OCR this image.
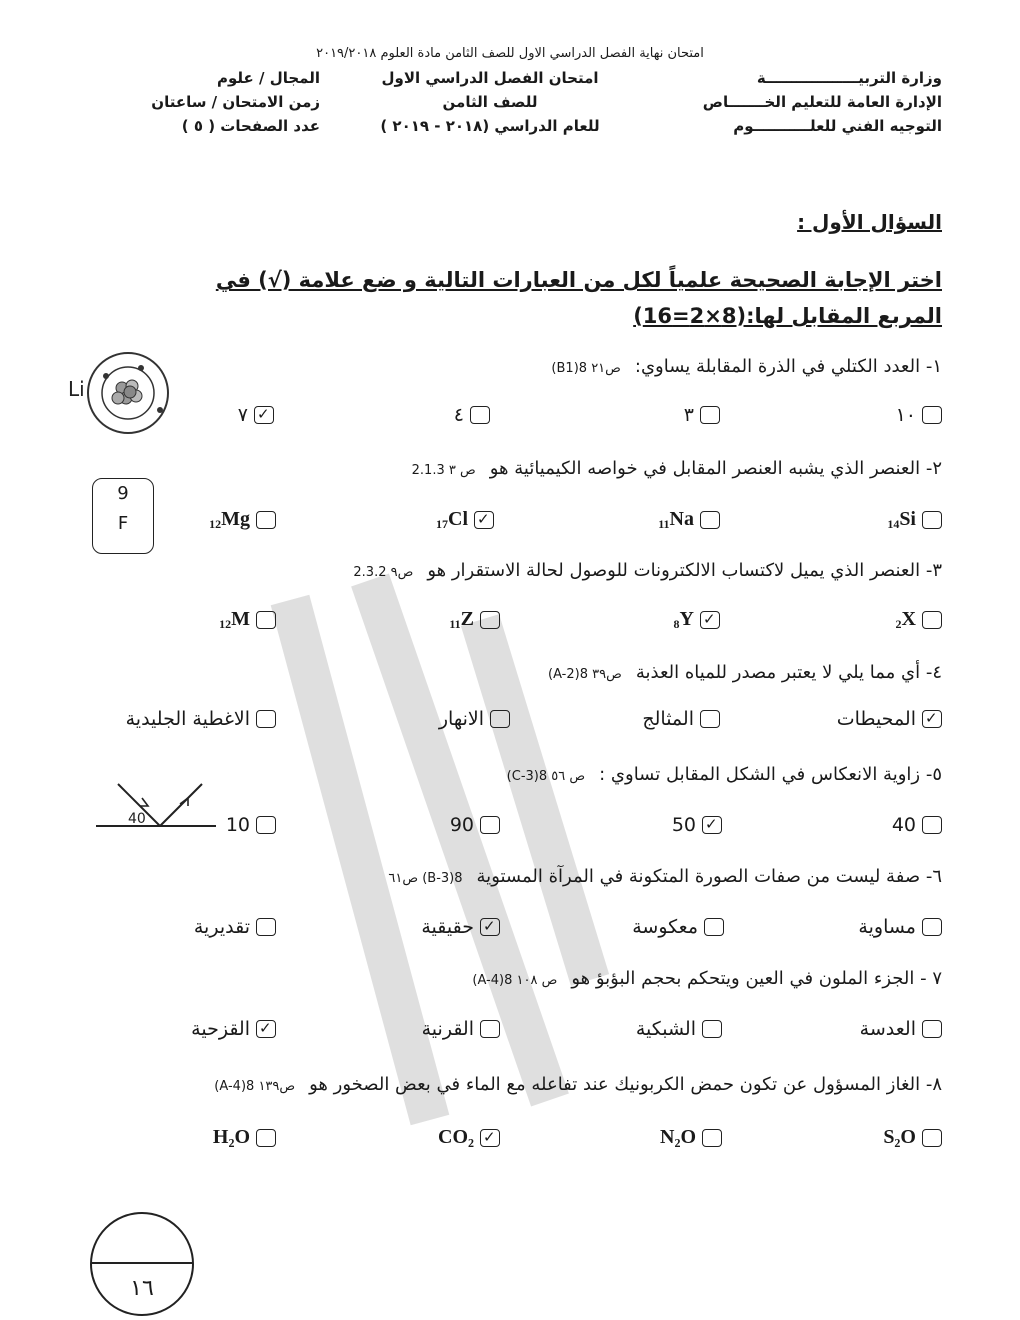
امتحان نهاية الفصل الدراسي الاول للصف الثامن مادة العلوم ٢٠١٩/٢٠١٨
وزارة التربيــــــــــــــــــة
الإدارة العامة للتعليم الخـــــــاص
التوجيه الفني للعلـــــــــــوم
امتحان الفصل الدراسي الاول
للصف الثامن
للعام الدراسي (٢٠١٨ - ٢٠١٩ )
المجال / علوم
زمن الامتحان / ساعتان
عدد الصفحات ( ٥ )
السؤال الأول :
اختر الإجابة الصحيحة علمياً لكل من العبارات التالية و ضع علامة (√) في المربع المقابل لها:(8×2=16)
Li
9
F
40
١- العدد الكتلي في الذرة المقابلة يساوي:ص٢١ 8(B1)
١٠
٣
٤
✓
٧
٢- العنصر الذي يشبه العنصر المقابل في خواصه الكيميائية هوص ٣ 2.1.3
$_{14}$Si
$_{11}$Na
✓
$_{17}$Cl
$_{12}$Mg
٣- العنصر الذي يميل لاكتساب الالكترونات للوصول لحالة الاستقرار هوص٩ 2.3.2
$_2$X
✓
$_8$Y
$_{11}$Z
$_{12}$M
٤- أي مما يلي لا يعتبر مصدر للمياه العذبةص٣٩ 8(A-2)
✓
المحيطات
المثالج
الانهار
الاغطية الجليدية
٥- زاوية الانعكاس في الشكل المقابل تساوي :ص ٥٦ 8(C-3)
40
✓
50
90
10
٦- صفة ليست من صفات الصورة المتكونة في المرآة المستوية8(B-3) ص٦١
مساوية
معكوسة
✓
حقيقية
تقديرية
٧ - الجزء الملون في العين ويتحكم بحجم البؤبؤ هوص ١٠٨ 8(A-4)
العدسة
الشبكية
القرنية
✓
القزحية
٨- الغاز المسؤول عن تكون حمض الكربونيك عند تفاعله مع الماء في بعض الصخور هوص١٣٩ 8(A-4)
S₂O
N₂O
✓
CO₂
H₂O
١٦
